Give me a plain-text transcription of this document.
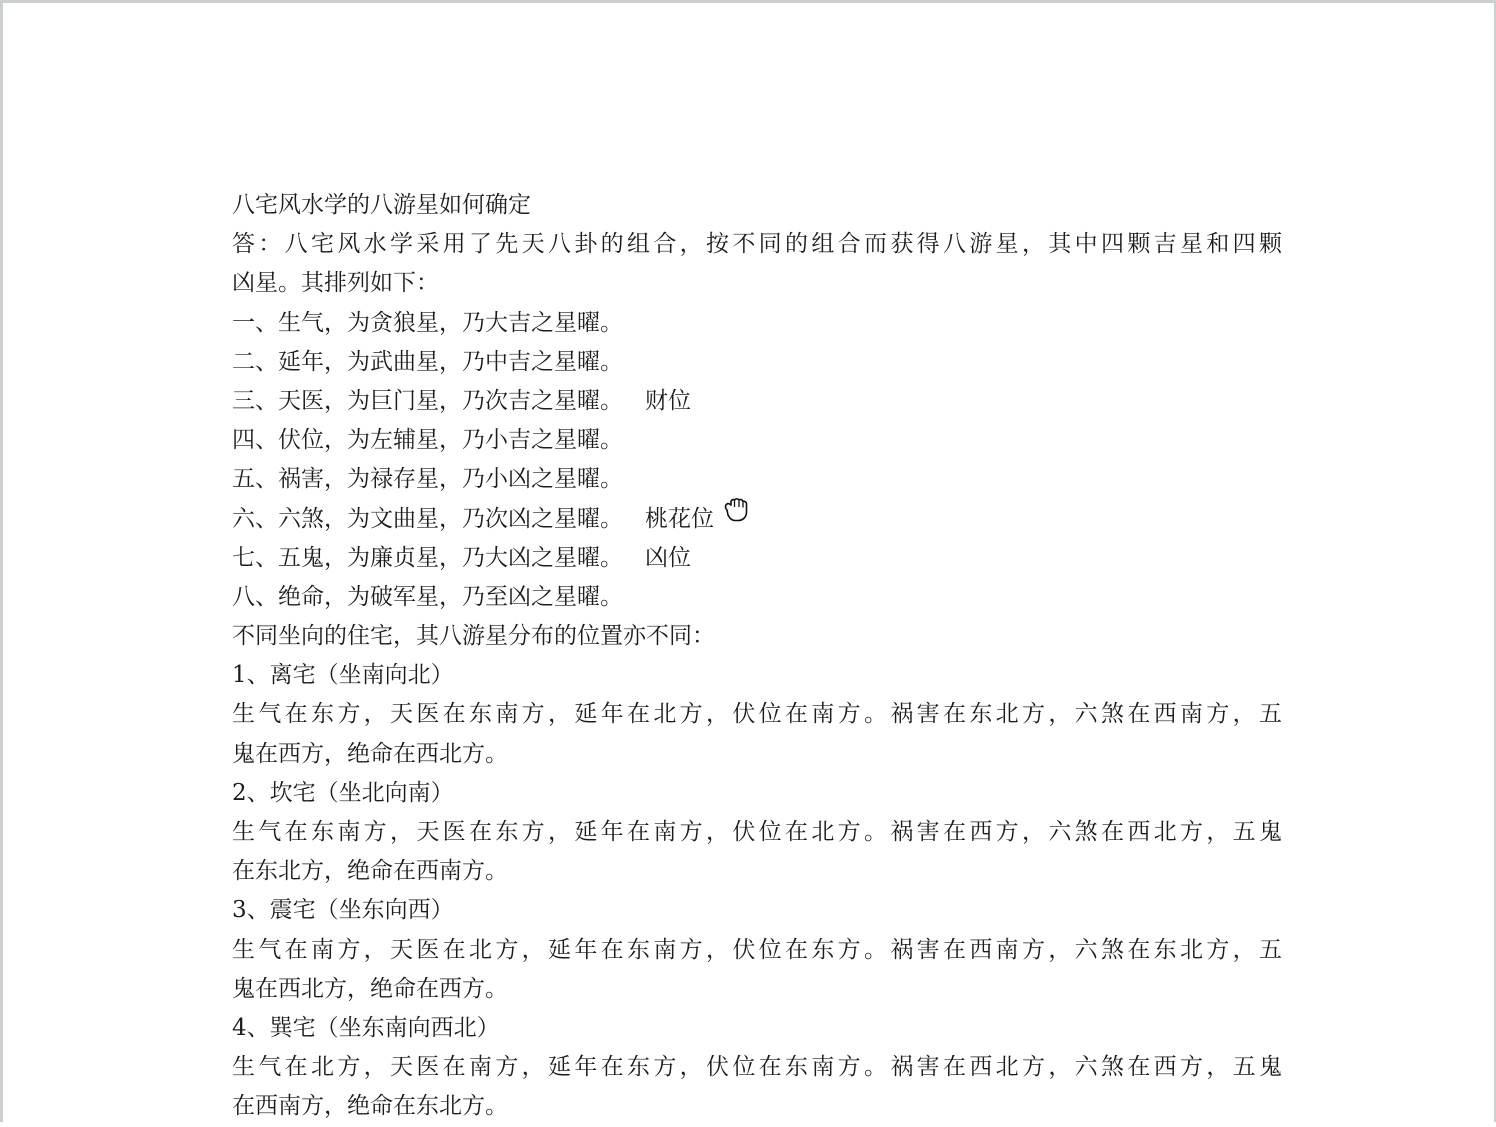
八宅风水学的八游星如何确定
答：八宅风水学采用了先天八卦的组合，按不同的组合而获得八游星，其中四颗吉星和四颗
凶星。其排列如下：
一、生气，为贪狼星，乃大吉之星曜。
二、延年，为武曲星，乃中吉之星曜。
三、天医，为巨门星，乃次吉之星曜。 财位
四、伏位，为左辅星，乃小吉之星曜。
五、祸害，为禄存星，乃小凶之星曜。
六、六煞，为文曲星，乃次凶之星曜。 桃花位
七、五鬼，为廉贞星，乃大凶之星曜。 凶位
八、绝命，为破军星，乃至凶之星曜。
不同坐向的住宅，其八游星分布的位置亦不同：
1、离宅（坐南向北）
生气在东方，天医在东南方，延年在北方，伏位在南方。祸害在东北方，六煞在西南方，五
鬼在西方，绝命在西北方。
2、坎宅（坐北向南）
生气在东南方，天医在东方，延年在南方，伏位在北方。祸害在西方，六煞在西北方，五鬼
在东北方，绝命在西南方。
3、震宅（坐东向西）
生气在南方，天医在北方，延年在东南方，伏位在东方。祸害在西南方，六煞在东北方，五
鬼在西北方，绝命在西方。
4、巽宅（坐东南向西北）
生气在北方，天医在南方，延年在东方，伏位在东南方。祸害在西北方，六煞在西方，五鬼
在西南方，绝命在东北方。
